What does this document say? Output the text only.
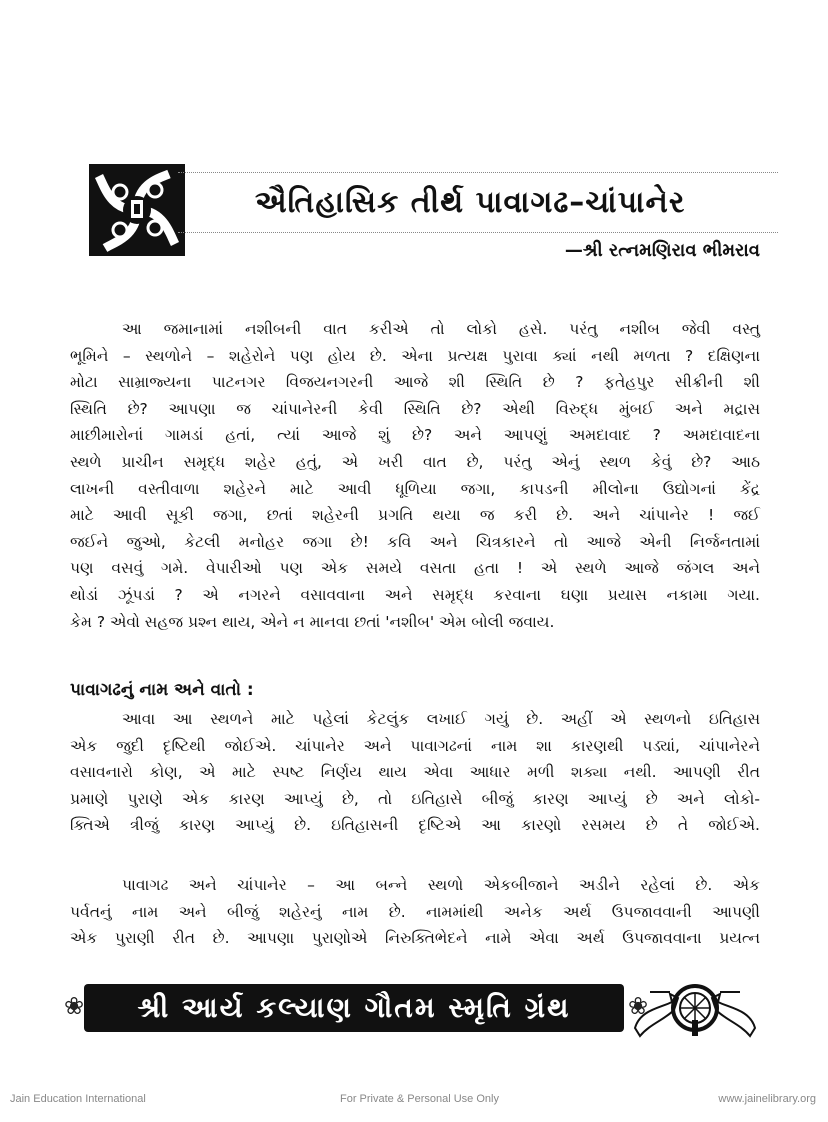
ઐતિહાસિક તીર્થ પાવાગઢ–ચાંપાનેર
—શ્રી રત્નમણિરાવ ભીમરાવ
આ જમાનામાં નશીબની વાત કરીએ તો લોકો હસે. પરંતુ નશીબ જેવી વસ્તુ
ભૂમિને – સ્થળોને – શહેરોને પણ હોય છે. એના પ્રત્યક્ષ પુરાવા ક્યાં નથી મળતા ? દક્ષિણના
મોટા સામ્રાજ્યના પાટનગર વિજયનગરની આજે શી સ્થિતિ છે ? ફતેહપુર સીક્રીની શી
સ્થિતિ છે? આપણા જ ચાંપાનેરની કેવી સ્થિતિ છે? એથી વિરુદ્ધ મુંબઈ અને મદ્રાસ
માછીમારોનાં ગામડાં હતાં, ત્યાં આજે શું છે? અને આપણું અમદાવાદ ? અમદાવાદના
સ્થળે પ્રાચીન સમૃદ્ધ શહેર હતું, એ ખરી વાત છે, પરંતુ એનું સ્થળ કેવું છે? આઠ
લાખની વસ્તીવાળા શહેરને માટે આવી ધૂળિયા જગા, કાપડની મીલોના ઉદ્યોગનાં કેંદ્ર
માટે આવી સૂકી જગા, છતાં શહેરની પ્રગતિ થયા જ કરી છે. અને ચાંપાનેર ! જઈ
જઈને જુઓ, કેટલી મનોહર જગા છે! કવિ અને ચિત્રકારને તો આજે એની નિર્જનતામાં
પણ વસવું ગમે. વેપારીઓ પણ એક સમયે વસતા હતા ! એ સ્થળે આજે જંગલ અને
થોડાં ઝૂંપડાં ? એ નગરને વસાવવાના અને સમૃદ્ધ કરવાના ઘણા પ્રયાસ નકામા ગયા.
કેમ ? એવો સહજ પ્રશ્ન થાય, એને ન માનવા છતાં 'નશીબ' એમ બોલી જવાય.
પાવાગઢનું નામ અને વાતો :
આવા આ સ્થળને માટે પહેલાં કેટલુંક લખાઈ ગયું છે. અહીં એ સ્થળનો ઇતિહાસ
એક જુદી દૃષ્ટિથી જોઈએ. ચાંપાનેર અને પાવાગઢનાં નામ શા કારણથી પડ્યાં, ચાંપાનેરને
વસાવનારો કોણ, એ માટે સ્પષ્ટ નિર્ણય થાય એવા આધાર મળી શક્યા નથી. આપણી રીત
પ્રમાણે પુરાણે એક કારણ આપ્યું છે, તો ઇતિહાસે બીજું કારણ આપ્યું છે અને લોકો-
ક્તિએ ત્રીજું કારણ આપ્યું છે. ઇતિહાસની દૃષ્ટિએ આ કારણો રસમય છે તે જોઈએ.
પાવાગઢ અને ચાંપાનેર – આ બન્ને સ્થળો એકબીજાને અડીને રહેલાં છે. એક
પર્વતનું નામ અને બીજું શહેરનું નામ છે. નામમાંથી અનેક અર્થ ઉપજાવવાની આપણી
એક પુરાણી રીત છે. આપણા પુરાણોએ નિરુક્તિભેદને નામે એવા અર્થ ઉપજાવવાના પ્રયત્ન
❀ શ્રી આર્ય કલ્યાણ ગૌતમ સ્મૃતિ ગ્રંથ ❀
Jain Education International	For Private & Personal Use Only	www.jainelibrary.org
